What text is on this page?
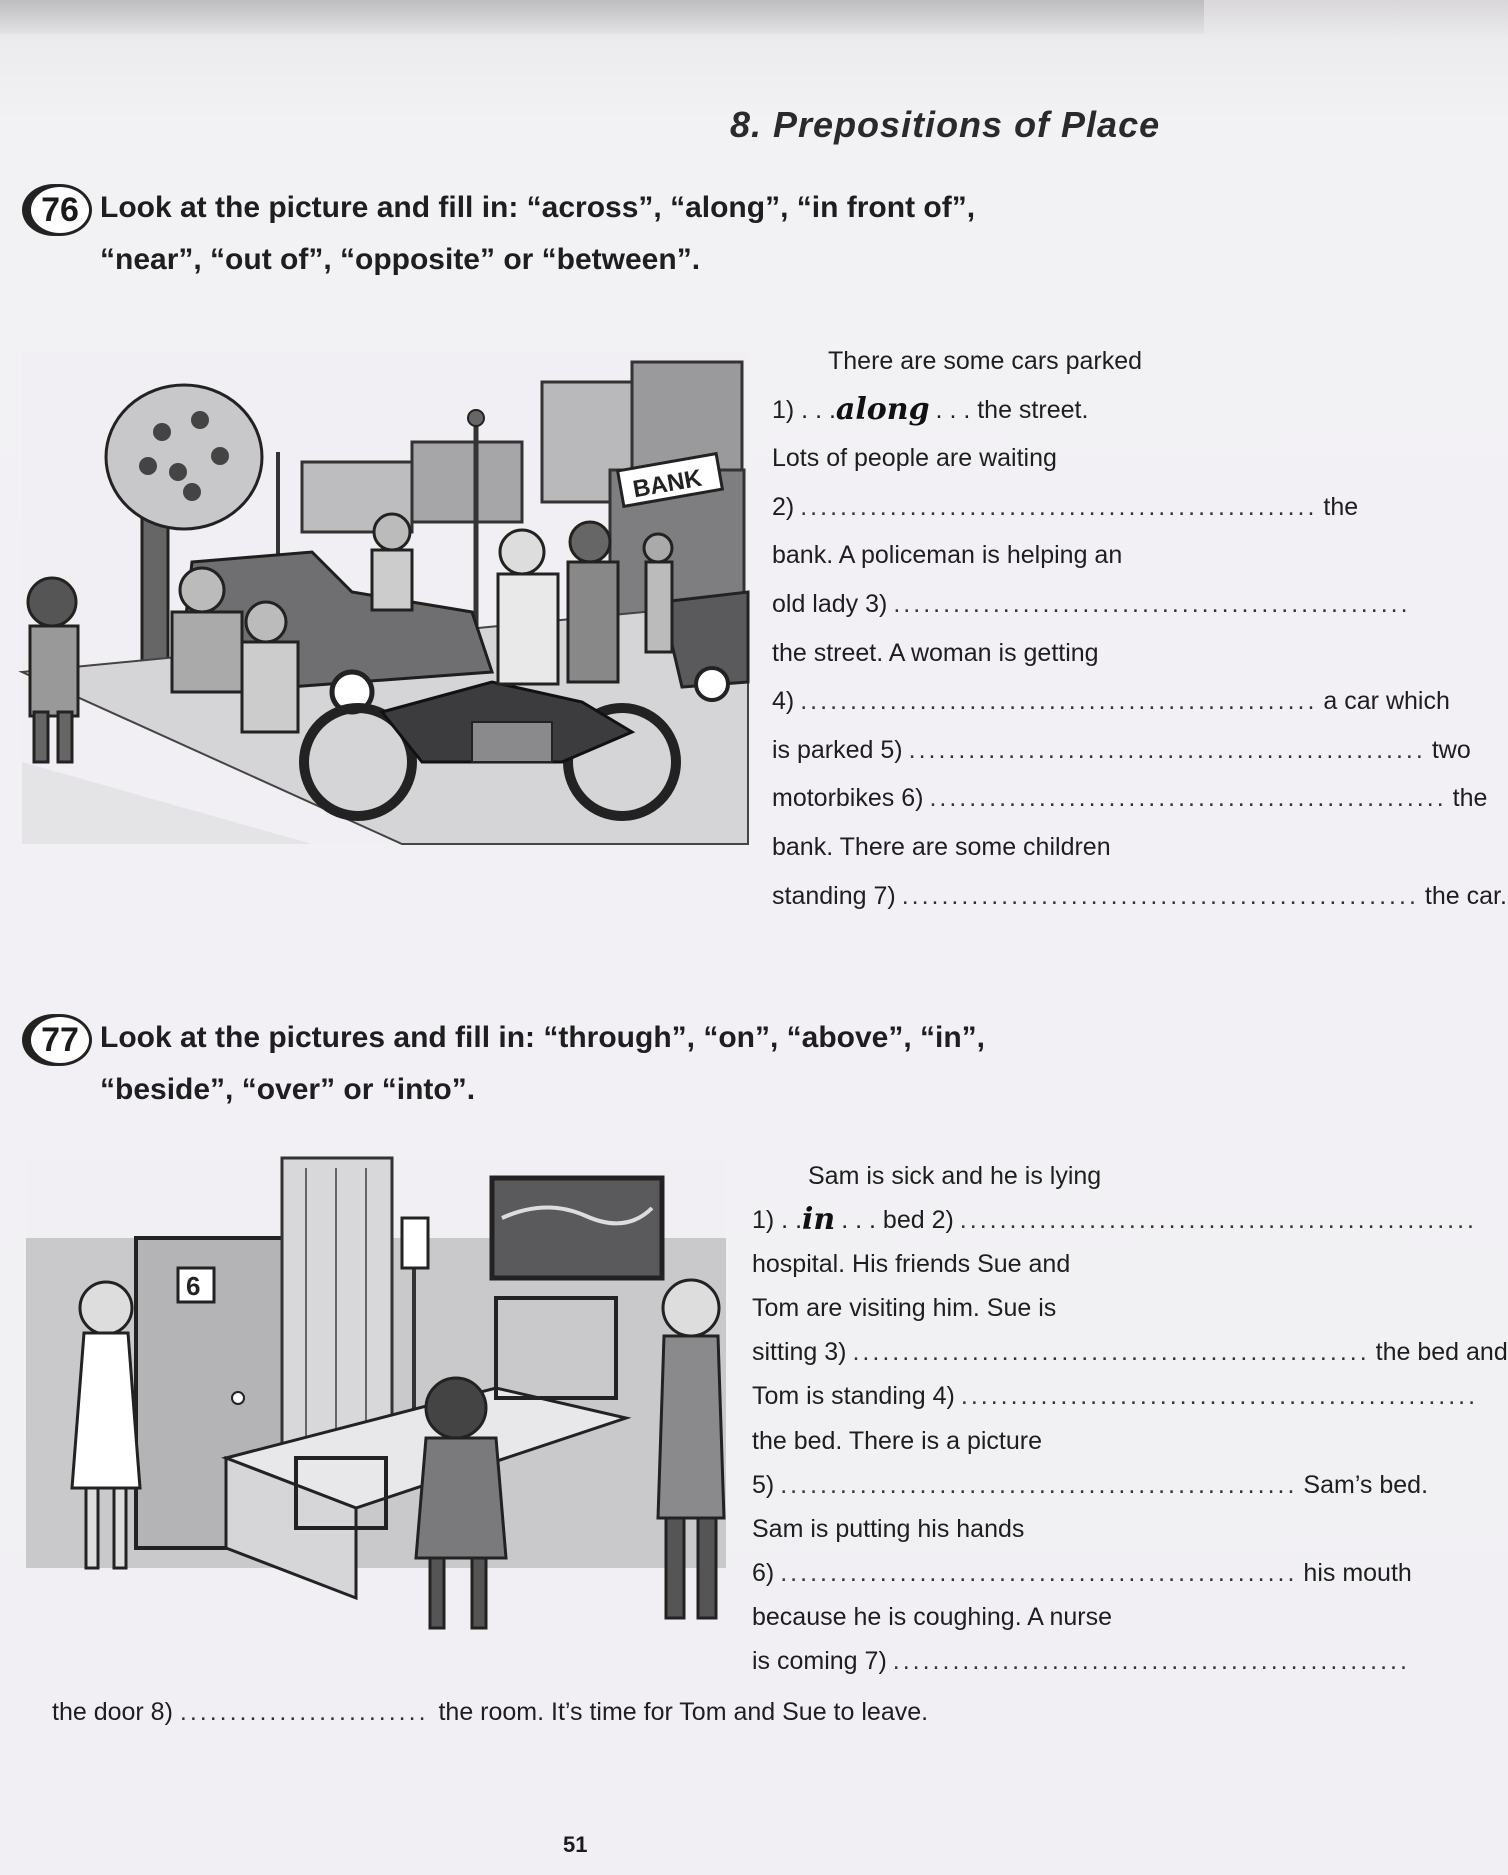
8. Prepositions of Place
76 Look at the picture and fill in: “across”, “along”, “in front of”,
“near”, “out of”, “opposite” or “between”.
BANK
There are some cars parked
1) . . . along . . . the street.
Lots of people are waiting
2) .................................................... the
bank. A policeman is helping an
old lady 3) ....................................................
the street. A woman is getting
4) .................................................... a car which
is parked 5) .................................................... two
motorbikes 6) .................................................... the
bank. There are some children
standing 7) .................................................... the car.
77 Look at the pictures and fill in: “through”, “on”, “above”, “in”,
“beside”, “over” or “into”.
6
Sam is sick and he is lying
1) . . in . . . bed 2) ....................................................
hospital. His friends Sue and
Tom are visiting him. Sue is
sitting 3) .................................................... the bed and
Tom is standing 4) ....................................................
the bed. There is a picture
5) .................................................... Sam’s bed.
Sam is putting his hands
6) .................................................... his mouth
because he is coughing. A nurse
is coming 7) ....................................................
the door 8) ......................... the room. It’s time for Tom and Sue to leave.
51
